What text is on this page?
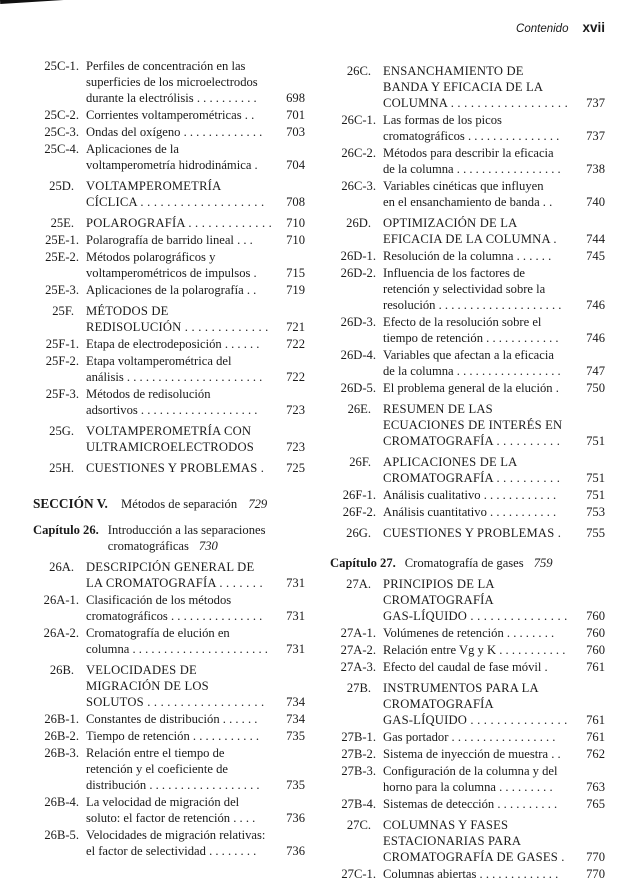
Contenido xvii
25C-1. Perfiles de concentración en las
superficies de los microelectrodos
durante la electrólisis . . . . . . . . . .	698
25C-2. Corrientes voltamperométricas . .	701
25C-3. Ondas del oxígeno . . . . . . . . . . . . .	703
25C-4. Aplicaciones de la
voltamperometría hidrodinámica .	704
25D. VOLTAMPEROMETRÍA
CÍCLICA . . . . . . . . . . . . . . . . . . .	708
25E. POLAROGRAFÍA . . . . . . . . . . . . .	710
25E-1. Polarografía de barrido lineal . . .	710
25E-2. Métodos polarográficos y
voltamperométricos de impulsos .	715
25E-3. Aplicaciones de la polarografía . .	719
25F. MÉTODOS DE
REDISOLUCIÓN . . . . . . . . . . . . .	721
25F-1. Etapa de electrodeposición . . . . . .	722
25F-2. Etapa voltamperométrica del
análisis . . . . . . . . . . . . . . . . . . . . . .	722
25F-3. Métodos de redisolución
adsortivos . . . . . . . . . . . . . . . . . . .	723
25G. VOLTAMPEROMETRÍA CON
ULTRAMICROELECTRODOS	723
25H. CUESTIONES Y PROBLEMAS .	725
SECCIÓN V. Métodos de separación 729
Capítulo 26. Introducción a las separaciones
cromatográficas 730
26A. DESCRIPCIÓN GENERAL DE
LA CROMATOGRAFÍA . . . . . . .	731
26A-1. Clasificación de los métodos
cromatográficos . . . . . . . . . . . . . . .	731
26A-2. Cromatografía de elución en
columna . . . . . . . . . . . . . . . . . . . . . .	731
26B. VELOCIDADES DE
MIGRACIÓN DE LOS
SOLUTOS . . . . . . . . . . . . . . . . . .	734
26B-1. Constantes de distribución . . . . . .	734
26B-2. Tiempo de retención . . . . . . . . . . .	735
26B-3. Relación entre el tiempo de
retención y el coeficiente de
distribución . . . . . . . . . . . . . . . . . .	735
26B-4. La velocidad de migración del
soluto: el factor de retención . . . .	736
26B-5. Velocidades de migración relativas:
el factor de selectividad . . . . . . . .	736
26C. ENSANCHAMIENTO DE
BANDA Y EFICACIA DE LA
COLUMNA . . . . . . . . . . . . . . . . . .	737
26C-1. Las formas de los picos
cromatográficos . . . . . . . . . . . . . . .	737
26C-2. Métodos para describir la eficacia
de la columna . . . . . . . . . . . . . . . . .	738
26C-3. Variables cinéticas que influyen
en el ensanchamiento de banda . .	740
26D. OPTIMIZACIÓN DE LA
EFICACIA DE LA COLUMNA .	744
26D-1. Resolución de la columna . . . . . .	745
26D-2. Influencia de los factores de
retención y selectividad sobre la
resolución . . . . . . . . . . . . . . . . . . . .	746
26D-3. Efecto de la resolución sobre el
tiempo de retención . . . . . . . . . . . .	746
26D-4. Variables que afectan a la eficacia
de la columna . . . . . . . . . . . . . . . . .	747
26D-5. El problema general de la elución .	750
26E. RESUMEN DE LAS
ECUACIONES DE INTERÉS EN
CROMATOGRAFÍA . . . . . . . . . .	751
26F. APLICACIONES DE LA
CROMATOGRAFÍA . . . . . . . . . .	751
26F-1. Análisis cualitativo . . . . . . . . . . . .	751
26F-2. Análisis cuantitativo . . . . . . . . . . .	753
26G. CUESTIONES Y PROBLEMAS .	755
Capítulo 27. Cromatografía de gases 759
27A. PRINCIPIOS DE LA
CROMATOGRAFÍA
GAS-LÍQUIDO . . . . . . . . . . . . . . .	760
27A-1. Volúmenes de retención . . . . . . . .	760
27A-2. Relación entre Vg y K . . . . . . . . . . .	760
27A-3. Efecto del caudal de fase móvil .	761
27B. INSTRUMENTOS PARA LA
CROMATOGRAFÍA
GAS-LÍQUIDO . . . . . . . . . . . . . . .	761
27B-1. Gas portador . . . . . . . . . . . . . . . . .	761
27B-2. Sistema de inyección de muestra . .	762
27B-3. Configuración de la columna y del
horno para la columna . . . . . . . . .	763
27B-4. Sistemas de detección . . . . . . . . . .	765
27C. COLUMNAS Y FASES
ESTACIONARIAS PARA
CROMATOGRAFÍA DE GASES .	770
27C-1. Columnas abiertas . . . . . . . . . . . . .	770
